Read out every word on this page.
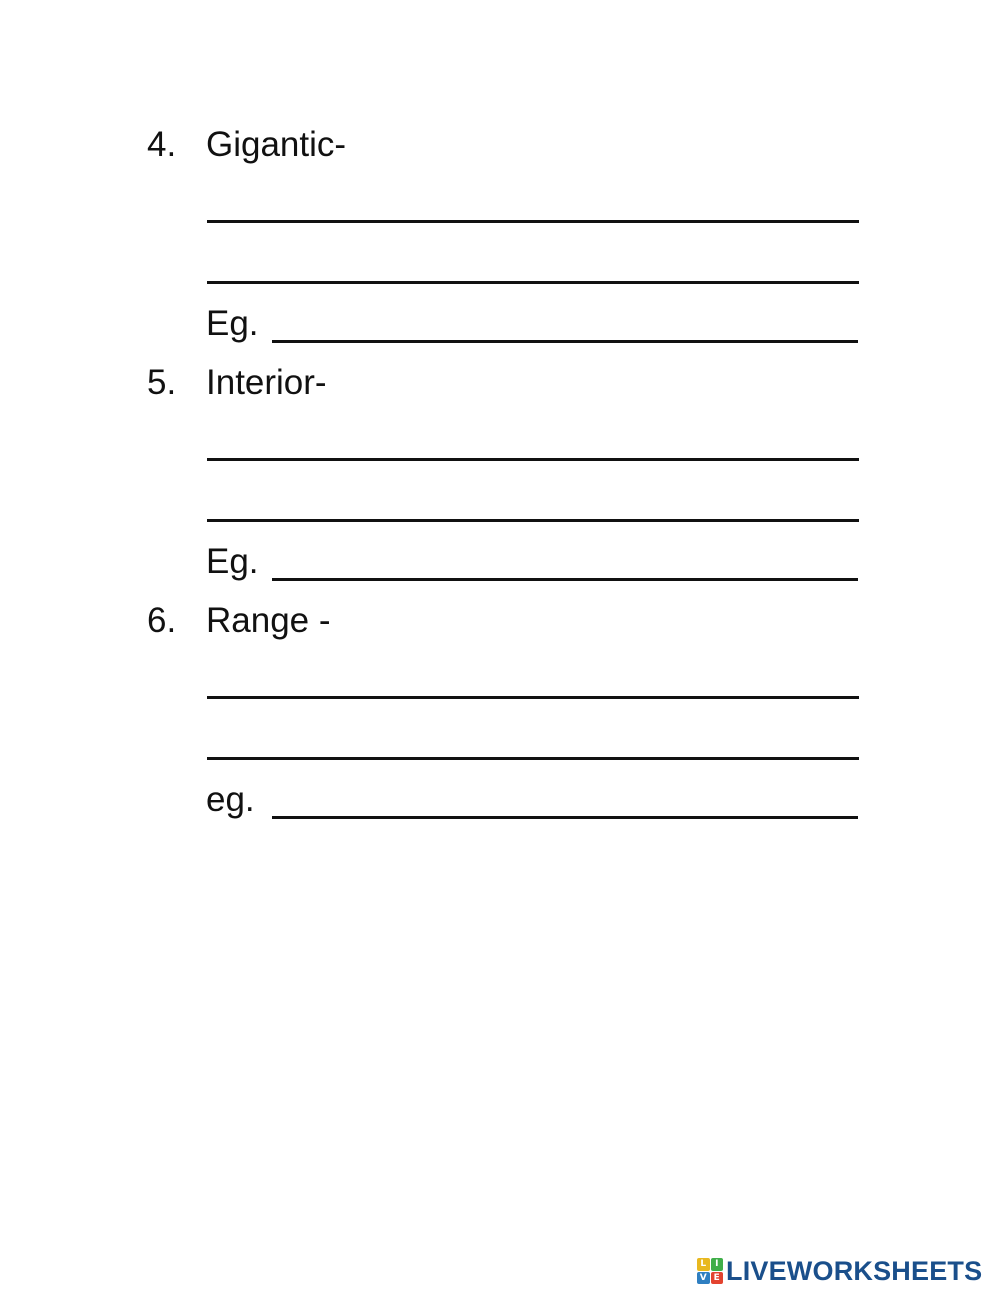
4. Gigantic-
Eg.
5. Interior-
Eg.
6. Range -
eg.
L I
V E LIVEWORKSHEETS
